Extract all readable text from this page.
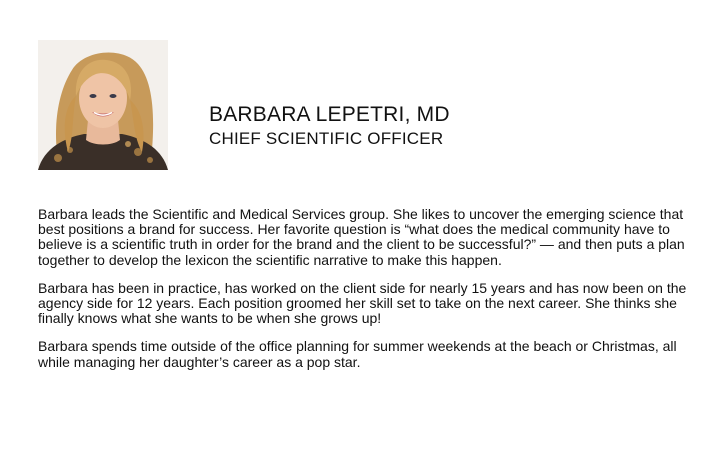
BARBARA LEPETRI, MD
CHIEF SCIENTIFIC OFFICER

Barbara leads the Scientific and Medical Services group. She likes to uncover the emerging science that best positions a brand for success. Her favorite question is “what does the medical community have to believe is a scientific truth in order for the brand and the client to be successful?” — and then puts a plan together to develop the lexicon the scientific narrative to make this happen.

Barbara has been in practice, has worked on the client side for nearly 15 years and has now been on the agency side for 12 years. Each position groomed her skill set to take on the next career. She thinks she finally knows what she wants to be when she grows up!

Barbara spends time outside of the office planning for summer weekends at the beach or Christmas, all while managing her daughter’s career as a pop star.
